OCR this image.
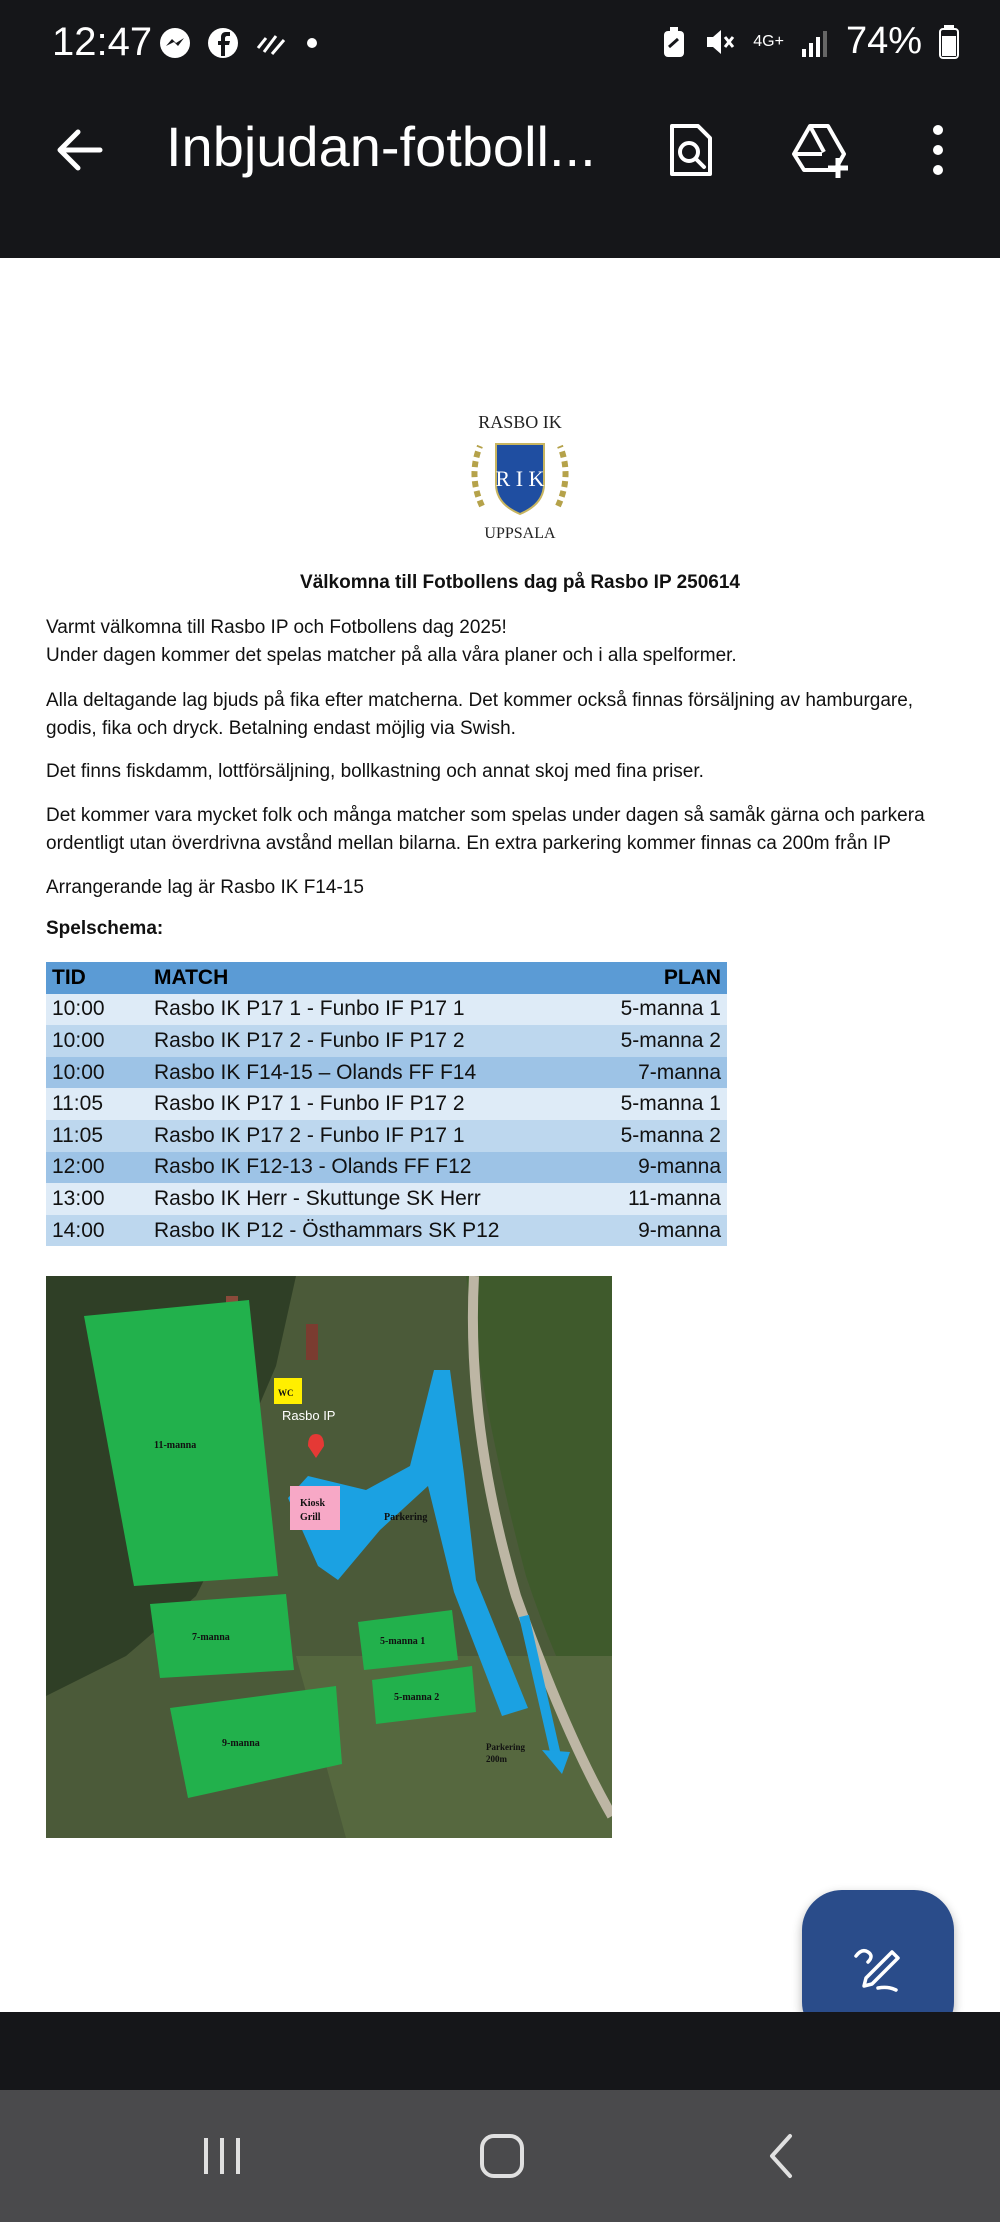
12:47	4G+ 74%
Inbjudan-fotboll...
R I K
RASBO IK
UPPSALA
Välkomna till Fotbollens dag på Rasbo IP 250614
Varmt välkomna till Rasbo IP och Fotbollens dag 2025!
Under dagen kommer det spelas matcher på alla våra planer och i alla spelformer.

Alla deltagande lag bjuds på fika efter matcherna. Det kommer också finnas försäljning av hamburgare, godis, fika och dryck. Betalning endast möjlig via Swish.

Det finns fiskdamm, lottförsäljning, bollkastning och annat skoj med fina priser.

Det kommer vara mycket folk och många matcher som spelas under dagen så samåk gärna och parkera ordentligt utan överdrivna avstånd mellan bilarna. En extra parkering kommer finnas ca 200m från IP

Arrangerande lag är Rasbo IK F14-15

Spelschema:
TID	MATCH	PLAN
10:00	Rasbo IK P17 1 - Funbo IF P17 1	5-manna 1
10:00	Rasbo IK P17 2 - Funbo IF P17 2	5-manna 2
10:00	Rasbo IK F14-15 – Olands FF F14	7-manna
11:05	Rasbo IK P17 1 - Funbo IF P17 2	5-manna 1
11:05	Rasbo IK P17 2 - Funbo IF P17 1	5-manna 2
12:00	Rasbo IK F12-13 - Olands FF F12	9-manna
13:00	Rasbo IK Herr - Skuttunge SK Herr	11-manna
14:00	Rasbo IK P12 - Östhammars SK P12	9-manna
11-manna
7-manna
9-manna
5-manna 1
5-manna 2
WC
Kiosk
Grill	Parkering
Parkering
200m
Rasbo IP
